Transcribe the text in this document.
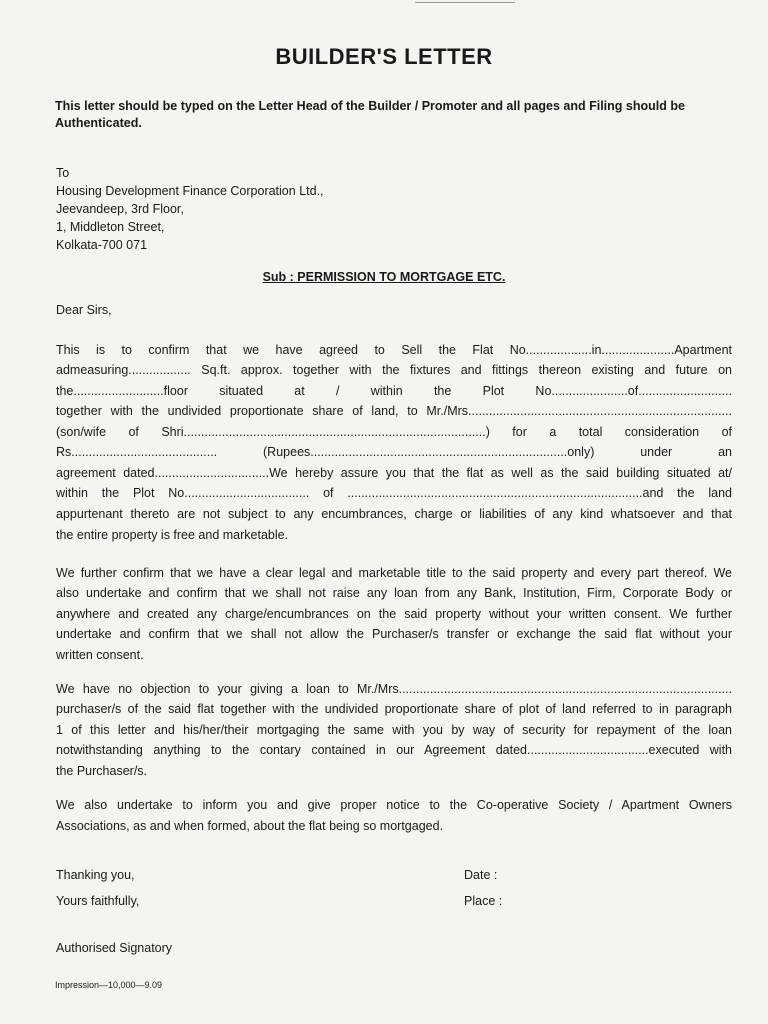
BUILDER'S LETTER
This letter should be typed on the Letter Head of the Builder / Promoter and all pages and Filing should be Authenticated.
To
Housing Development Finance Corporation Ltd.,
Jeevandeep, 3rd Floor,
1, Middleton Street,
Kolkata-700 071
Sub : PERMISSION TO MORTGAGE ETC.
Dear Sirs,
This is to confirm that we have agreed to Sell the Flat No...................in.....................Apartment
admeasuring.................. Sq.ft. approx. together with the fixtures and fittings thereon existing and future on
the..........................floor situated at / within the Plot No......................of...........................
together with the undivided proportionate share of land, to Mr./Mrs............................................................................
(son/wife of Shri.......................................................................................) for a total consideration of
Rs.......................................... (Rupees..........................................................................only) under an
agreement dated.................................We hereby assure you that the flat as well as the said building situated at/
within the Plot No.................................... of .....................................................................................and the land
appurtenant thereto are not subject to any encumbrances, charge or liabilities of any kind whatsoever and that
the entire property is free and marketable.
We further confirm that we have a clear legal and marketable title to the said property and every part thereof. We
also undertake and confirm that we shall not raise any loan from any Bank, Institution, Firm, Corporate Body or
anywhere and created any charge/encumbrances on the said property without your written consent. We further
undertake and confirm that we shall not allow the Purchaser/s transfer or exchange the said flat without your
written consent.
We have no objection to your giving a loan to Mr./Mrs................................................................................................
purchaser/s of the said flat together with the undivided proportionate share of plot of land referred to in paragraph
1 of this letter and his/her/their mortgaging the same with you by way of security for repayment of the loan
notwithstanding anything to the contary contained in our Agreement dated...................................executed with
the Purchaser/s.
We also undertake to inform you and give proper notice to the Co-operative Society / Apartment Owners
Associations, as and when formed, about the flat being so mortgaged.
Thanking you,
Yours faithfully,
Date :
Place :
Authorised Signatory
Impression—10,000—9.09
